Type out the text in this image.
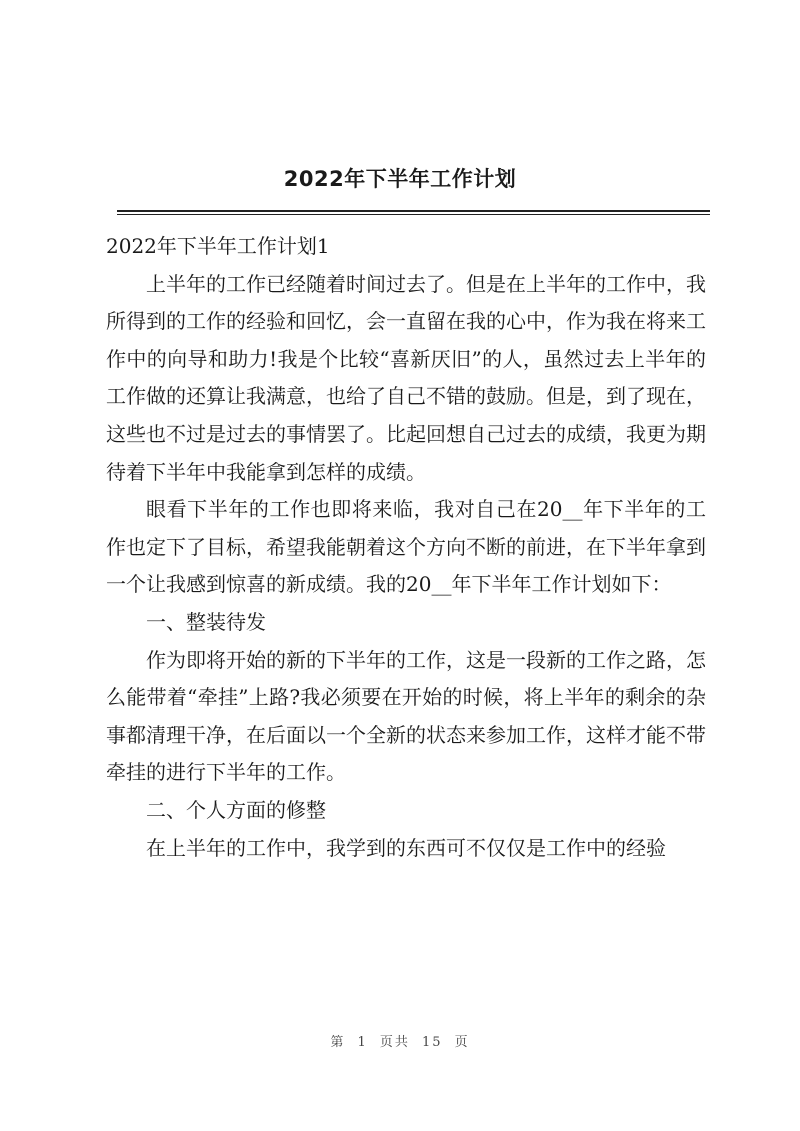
2022年下半年工作计划

2022年下半年工作计划1

上半年的工作已经随着时间过去了。但是在上半年的工作中，我所得到的工作的经验和回忆，会一直留在我的心中，作为我在将来工作中的向导和助力!我是个比较“喜新厌旧”的人，虽然过去上半年的工作做的还算让我满意，也给了自己不错的鼓励。但是，到了现在，这些也不过是过去的事情罢了。比起回想自己过去的成绩，我更为期待着下半年中我能拿到怎样的成绩。

眼看下半年的工作也即将来临，我对自己在20__年下半年的工作也定下了目标，希望我能朝着这个方向不断的前进，在下半年拿到一个让我感到惊喜的新成绩。我的20__年下半年工作计划如下：

一、整装待发

作为即将开始的新的下半年的工作，这是一段新的工作之路，怎么能带着“牵挂”上路?我必须要在开始的时候，将上半年的剩余的杂事都清理干净，在后面以一个全新的状态来参加工作，这样才能不带牵挂的进行下半年的工作。

二、个人方面的修整

在上半年的工作中，我学到的东西可不仅仅是工作中的经验

第 1 页共 15 页
